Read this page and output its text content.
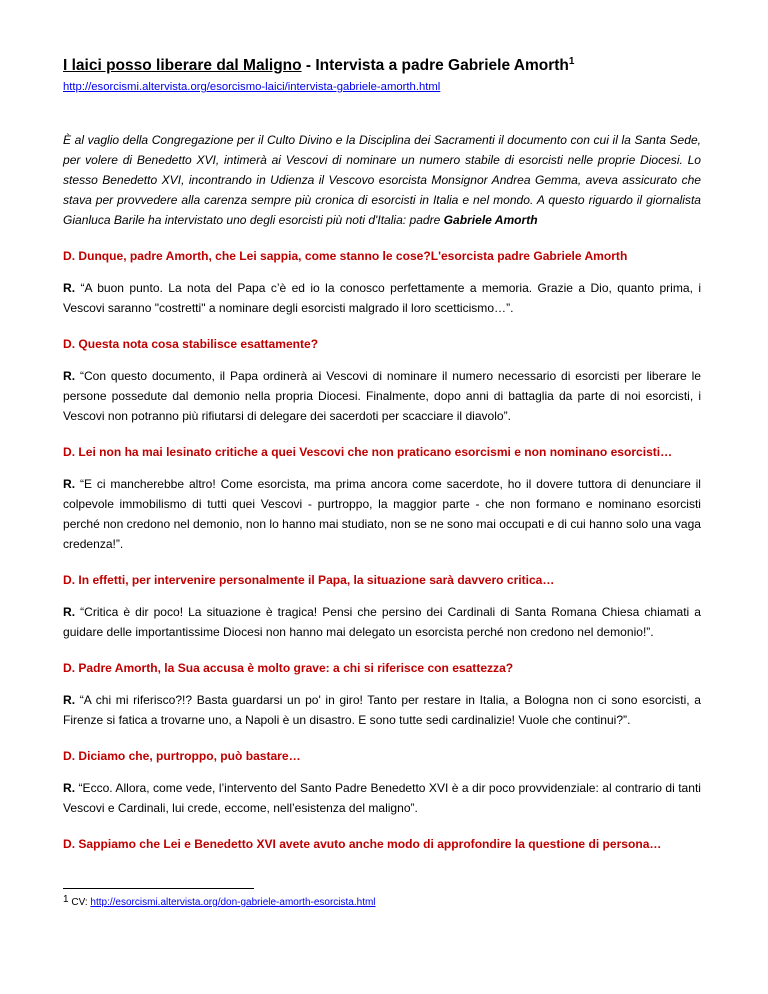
I laici posso liberare dal Maligno - Intervista a padre Gabriele Amorth$^1$
http://esorcismi.altervista.org/esorcismo-laici/intervista-gabriele-amorth.html

È al vaglio della Congregazione per il Culto Divino e la Disciplina dei Sacramenti il documento con cui il la Santa Sede, per volere di Benedetto XVI, intimerà ai Vescovi di nominare un numero stabile di esorcisti nelle proprie Diocesi. Lo stesso Benedetto XVI, incontrando in Udienza il Vescovo esorcista Monsignor Andrea Gemma, aveva assicurato che stava per provvedere alla carenza sempre più cronica di esorcisti in Italia e nel mondo. A questo riguardo il giornalista Gianluca Barile ha intervistato uno degli esorcisti più noti d'Italia: padre Gabriele Amorth

D. Dunque, padre Amorth, che Lei sappia, come stanno le cose?L'esorcista padre Gabriele Amorth

R. “A buon punto. La nota del Papa c’è ed io la conosco perfettamente a memoria. Grazie a Dio, quanto prima, i Vescovi saranno "costretti" a nominare degli esorcisti malgrado il loro scetticismo…”.

D. Questa nota cosa stabilisce esattamente?

R. “Con questo documento, il Papa ordinerà ai Vescovi di nominare il numero necessario di esorcisti per liberare le persone possedute dal demonio nella propria Diocesi. Finalmente, dopo anni di battaglia da parte di noi esorcisti, i Vescovi non potranno più rifiutarsi di delegare dei sacerdoti per scacciare il diavolo”.

D. Lei non ha mai lesinato critiche a quei Vescovi che non praticano esorcismi e non nominano esorcisti…

R. “E ci mancherebbe altro! Come esorcista, ma prima ancora come sacerdote, ho il dovere tuttora di denunciare il colpevole immobilismo di tutti quei Vescovi - purtroppo, la maggior parte - che non formano e nominano esorcisti perché non credono nel demonio, non lo hanno mai studiato, non se ne sono mai occupati e di cui hanno solo una vaga credenza!”.

D. In effetti, per intervenire personalmente il Papa, la situazione sarà davvero critica…

R. “Critica è dir poco! La situazione è tragica! Pensi che persino dei Cardinali di Santa Romana Chiesa chiamati a guidare delle importantissime Diocesi non hanno mai delegato un esorcista perché non credono nel demonio!”.

D. Padre Amorth, la Sua accusa è molto grave: a chi si riferisce con esattezza?

R. “A chi mi riferisco?!? Basta guardarsi un po' in giro! Tanto per restare in Italia, a Bologna non ci sono esorcisti, a Firenze si fatica a trovarne uno, a Napoli è un disastro. E sono tutte sedi cardinalizie! Vuole che continui?”.

D. Diciamo che, purtroppo, può bastare…

R. “Ecco. Allora, come vede, l’intervento del Santo Padre Benedetto XVI è a dir poco provvidenziale: al contrario di tanti Vescovi e Cardinali, lui crede, eccome, nell’esistenza del maligno”.

D. Sappiamo che Lei e Benedetto XVI avete avuto anche modo di approfondire la questione di persona…

$^1$ CV: http://esorcismi.altervista.org/don-gabriele-amorth-esorcista.html
